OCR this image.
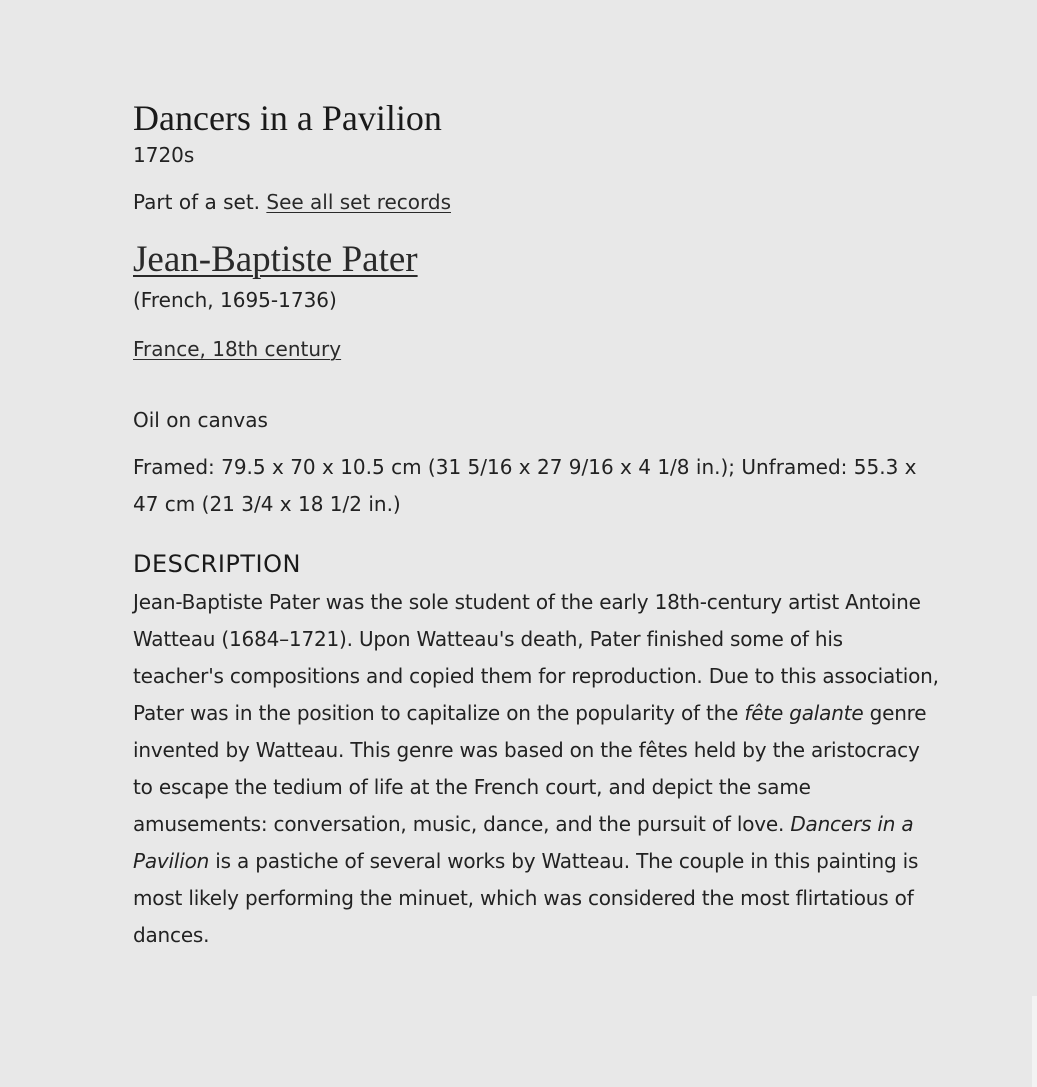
Dancers in a Pavilion

1720s

Part of a set. See all set records

Jean-Baptiste Pater

(French, 1695-1736)

France, 18th century

Oil on canvas

Framed: 79.5 x 70 x 10.5 cm (31 5/16 x 27 9/16 x 4 1/8 in.); Unframed: 55.3 x 47 cm (21 3/4 x 18 1/2 in.)

DESCRIPTION

Jean-Baptiste Pater was the sole student of the early 18th-century artist Antoine Watteau (1684–1721). Upon Watteau's death, Pater finished some of his teacher's compositions and copied them for reproduction. Due to this association, Pater was in the position to capitalize on the popularity of the fête galante genre invented by Watteau. This genre was based on the fêtes held by the aristocracy to escape the tedium of life at the French court, and depict the same amusements: conversation, music, dance, and the pursuit of love. Dancers in a Pavilion is a pastiche of several works by Watteau. The couple in this painting is most likely performing the minuet, which was considered the most flirtatious of dances.
